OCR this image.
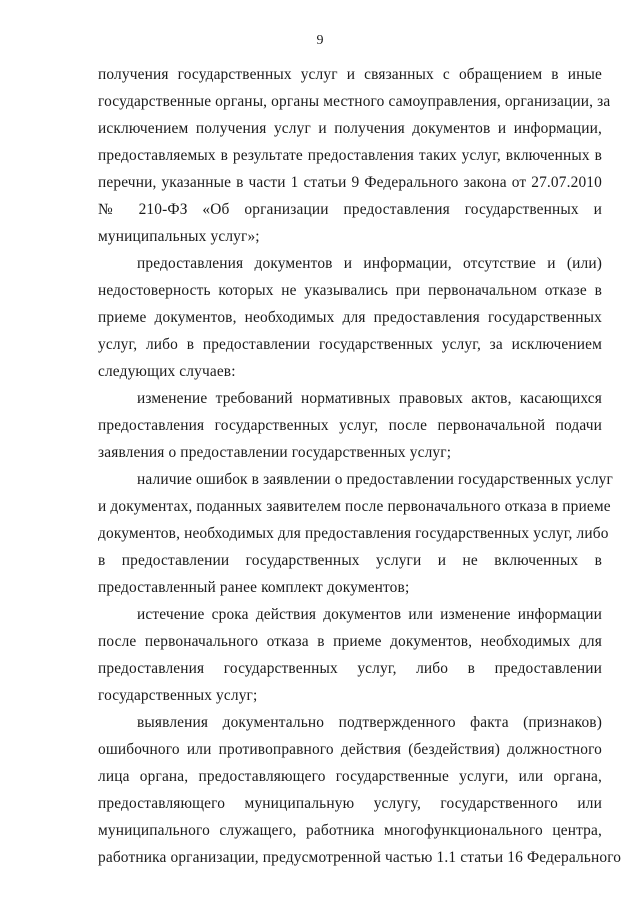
9
получения государственных услуг и связанных с обращением в иные
государственные органы, органы местного самоуправления, организации, за
исключением получения услуг и получения документов и информации,
предоставляемых в результате предоставления таких услуг, включенных в
перечни, указанные в части 1 статьи 9 Федерального закона от 27.07.2010
№ 210-ФЗ «Об организации предоставления государственных и
муниципальных услуг»;
предоставления документов и информации, отсутствие и (или)
недостоверность которых не указывались при первоначальном отказе в
приеме документов, необходимых для предоставления государственных
услуг, либо в предоставлении государственных услуг, за исключением
следующих случаев:
изменение требований нормативных правовых актов, касающихся
предоставления государственных услуг, после первоначальной подачи
заявления о предоставлении государственных услуг;
наличие ошибок в заявлении о предоставлении государственных услуг
и документах, поданных заявителем после первоначального отказа в приеме
документов, необходимых для предоставления государственных услуг, либо
в предоставлении государственных услуги и не включенных в
предоставленный ранее комплект документов;
истечение срока действия документов или изменение информации
после первоначального отказа в приеме документов, необходимых для
предоставления государственных услуг, либо в предоставлении
государственных услуг;
выявления документально подтвержденного факта (признаков)
ошибочного или противоправного действия (бездействия) должностного
лица органа, предоставляющего государственные услуги, или органа,
предоставляющего муниципальную услугу, государственного или
муниципального служащего, работника многофункционального центра,
работника организации, предусмотренной частью 1.1 статьи 16 Федерального
